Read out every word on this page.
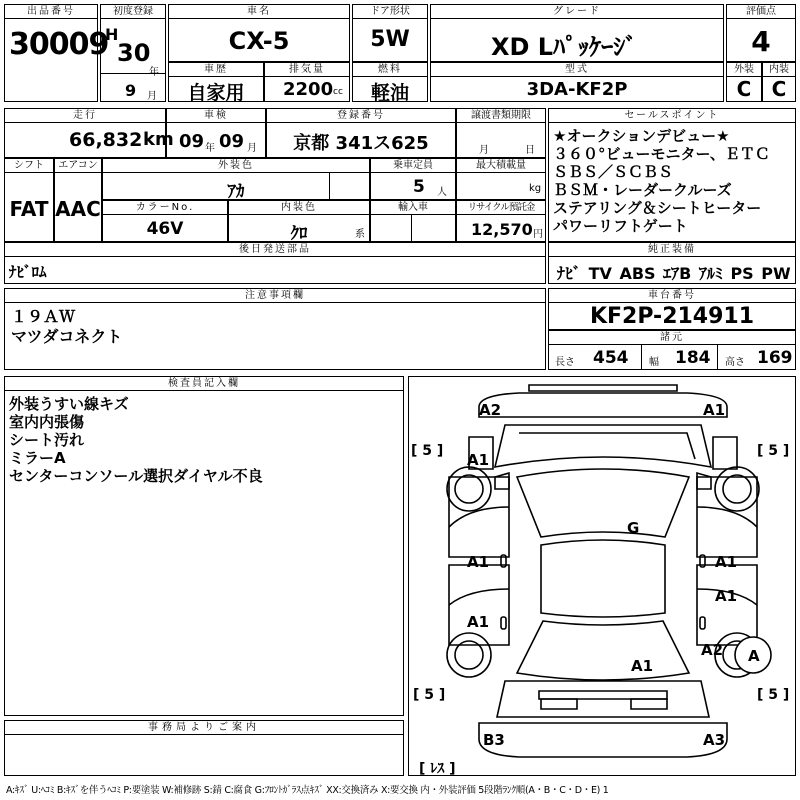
出品番号
30009
初度登録
H
30
年
9 月
車名
CX-5
ドア形状
5W
グレード
XD Lﾊﾟｯｹｰｼﾞ
評価点
4
車歴
自家用
排気量
2200 cc
燃料
軽油
型式
3DA-KF2P
外装
C
内装
C
走行
66,832 km
車検
09 年 09 月
登録番号
京都 341ス625
譲渡書類期限
月	日
セールスポイント
★オークションデビュー★
３６０°ビューモニター、ＥＴＣ
ＳＢＳ／ＳＣＢＳ
ＢＳＭ・レーダークルーズ
ステアリング＆シートヒーター
パワーリフトゲート
シフト
FAT
エアコン
AAC
外装色
ｱｶ
乗車定員
5 人
最大積載量
kg
カラーNo.
46V
内装色
ｸﾛ	系
輸入車	リサイクル預託金
12,570 円
後日発送部品
ﾅﾋﾞﾛﾑ
純正装備
ﾅﾋﾞ TV ABS ｴｱB ｱﾙﾐ PS PW
注意事項欄
１９ＡＷ
マツダコネクト
車台番号
KF2P-214911
諸元
長さ 454 幅 184 高さ 169
検査員記入欄
外装うすい線キズ
室内内張傷
シート汚れ
ミラーA
センターコンソール選択ダイヤル不良
事務局よりご案内
A2	A1
A1
G
A1	A1
A1
A1
A2 A
A1
B3	A3
[ 5 ]	[ 5 ]
[ 5 ]	[ 5 ]
[ ﾚｽ ]
A:ｷｽﾞ U:ﾍｺﾐ B:ｷｽﾞを伴うﾍｺﾐ P:要塗装 W:補修跡 S:錆 C:腐食 G:ﾌﾛﾝﾄｶﾞﾗｽ点ｷｽﾞ XX:交換済み X:要交換 内・外装評価 5段階ﾗﾝｸ順(A・B・C・D・E) 1
